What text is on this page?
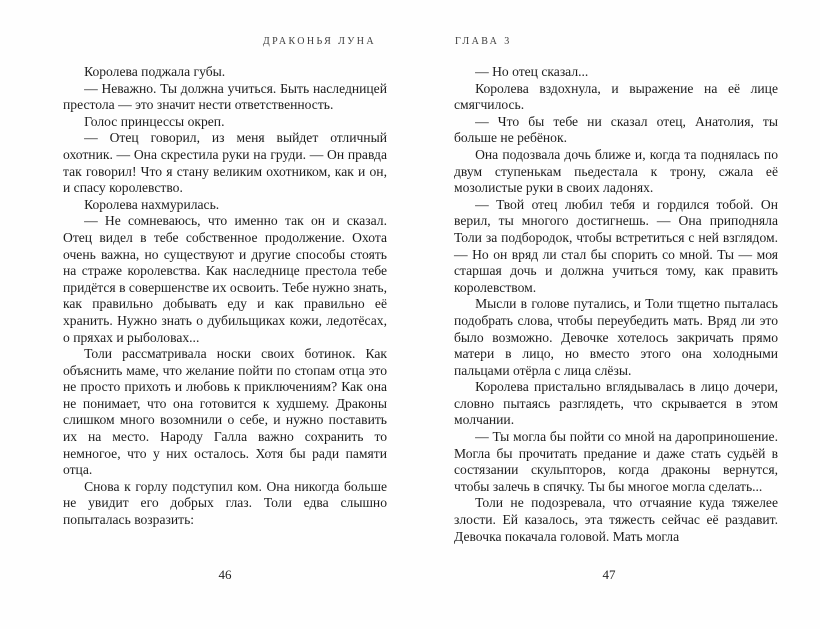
ДРАКОНЬЯ ЛУНА	ГЛАВА 3

Королева поджала губы.

— Неважно. Ты должна учиться. Быть наследницей престола — это значит нести ответственность.

Голос принцессы окреп.

— Отец говорил, из меня выйдет отличный охотник. — Она скрестила руки на груди. — Он правда так говорил! Что я стану великим охотником, как и он, и спасу королевство.

Королева нахмурилась.

— Не сомневаюсь, что именно так он и сказал. Отец видел в тебе собственное продолжение. Охота очень важна, но существуют и другие способы стоять на страже королевства. Как наследнице престола тебе придётся в совершенстве их освоить. Тебе нужно знать, как правильно добывать еду и как правильно её хранить. Нужно знать о дубильщиках кожи, ледотёсах, о пряхах и рыболовах...

Толи рассматривала носки своих ботинок. Как объяснить маме, что желание пойти по стопам отца это не просто прихоть и любовь к приключениям? Как она не понимает, что она готовится к худшему. Драконы слишком много возомнили о себе, и нужно поставить их на место. Народу Галла важно сохранить то немногое, что у них осталось. Хотя бы ради памяти отца.

Снова к горлу подступил ком. Она никогда больше не увидит его добрых глаз. Толи едва слышно попыталась возразить:

— Но отец сказал...

Королева вздохнула, и выражение на её лице смягчилось.

— Что бы тебе ни сказал отец, Анатолия, ты больше не ребёнок.

Она подозвала дочь ближе и, когда та поднялась по двум ступенькам пьедестала к трону, сжала её мозолистые руки в своих ладонях.

— Твой отец любил тебя и гордился тобой. Он верил, ты многого достигнешь. — Она приподняла Толи за подбородок, чтобы встретиться с ней взглядом. — Но он вряд ли стал бы спорить со мной. Ты — моя старшая дочь и должна учиться тому, как править королевством.

Мысли в голове путались, и Толи тщетно пыталась подобрать слова, чтобы переубедить мать. Вряд ли это было возможно. Девочке хотелось закричать прямо матери в лицо, но вместо этого она холодными пальцами отёрла с лица слёзы.

Королева пристально вглядывалась в лицо дочери, словно пытаясь разглядеть, что скрывается в этом молчании.

— Ты могла бы пойти со мной на дароприношение. Могла бы прочитать предание и даже стать судьёй в состязании скульпторов, когда драконы вернутся, чтобы залечь в спячку. Ты бы многое могла сделать...

Толи не подозревала, что отчаяние куда тяжелее злости. Ей казалось, эта тяжесть сейчас её раздавит. Девочка покачала головой. Мать могла

46	47
